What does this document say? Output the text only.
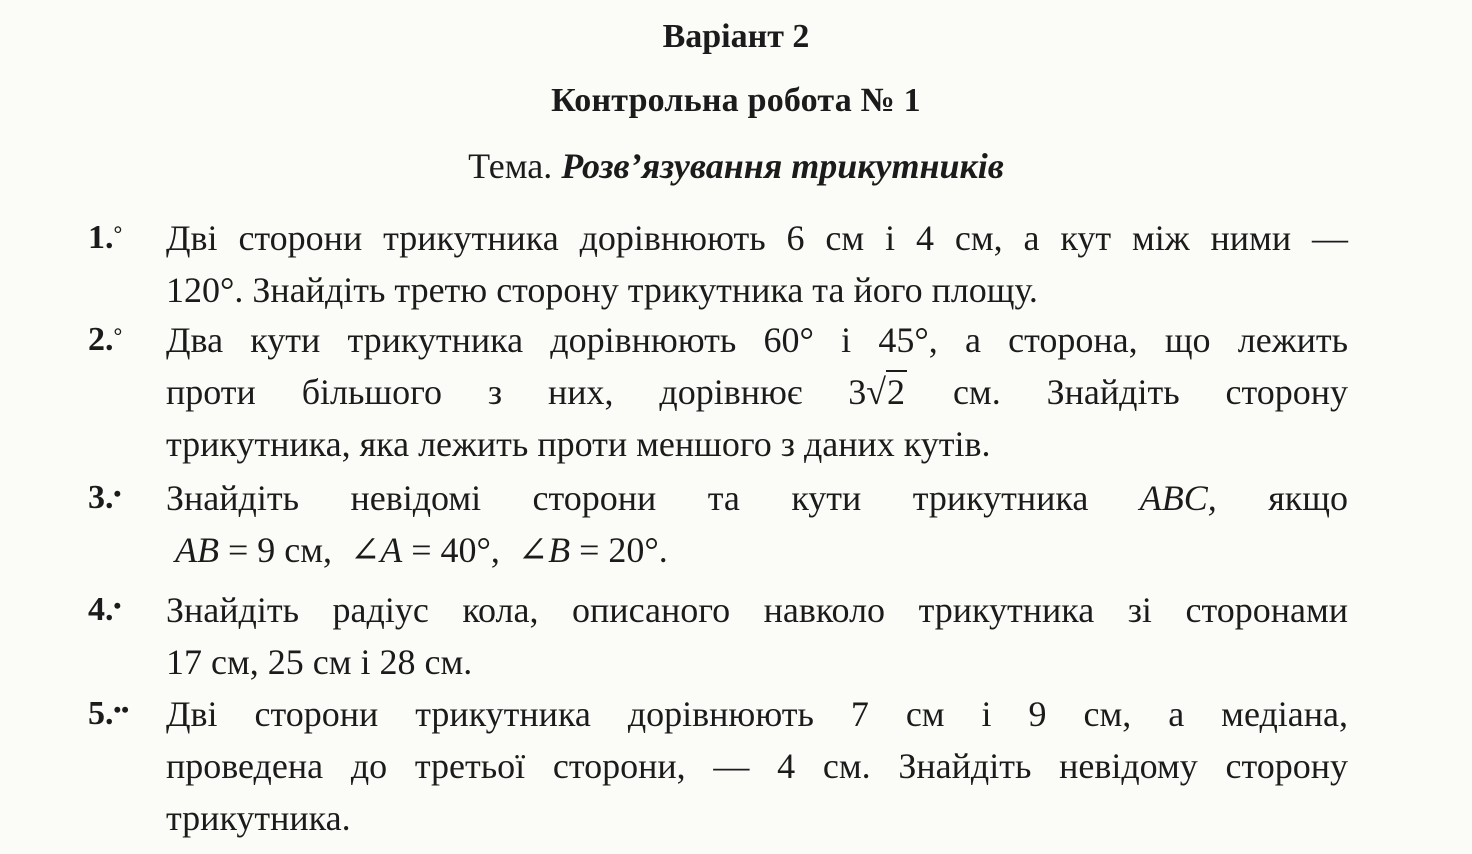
Варіант 2
Контрольна робота № 1
Тема. Розв’язування трикутників
1.°	Дві сторони трикутника дорівнюють 6 см і 4 см, а кут між ними —
120°. Знайдіть третю сторону трикутника та його площу.
2.°	Два кути трикутника дорівнюють 60° і 45°, а сторона, що лежить
проти більшого з них, дорівнює 3√2 см. Знайдіть сторону
трикутника, яка лежить проти меншого з даних кутів.
3.•	Знайдіть невідомі сторони та кути трикутника ABC, якщо
AB = 9 см, ∠A = 40°, ∠B = 20°.
4.•	Знайдіть радіус кола, описаного навколо трикутника зі сторонами
17 см, 25 см і 28 см.
5.••	Дві сторони трикутника дорівнюють 7 см і 9 см, а медіана,
проведена до третьої сторони, — 4 см. Знайдіть невідому сторону
трикутника.
